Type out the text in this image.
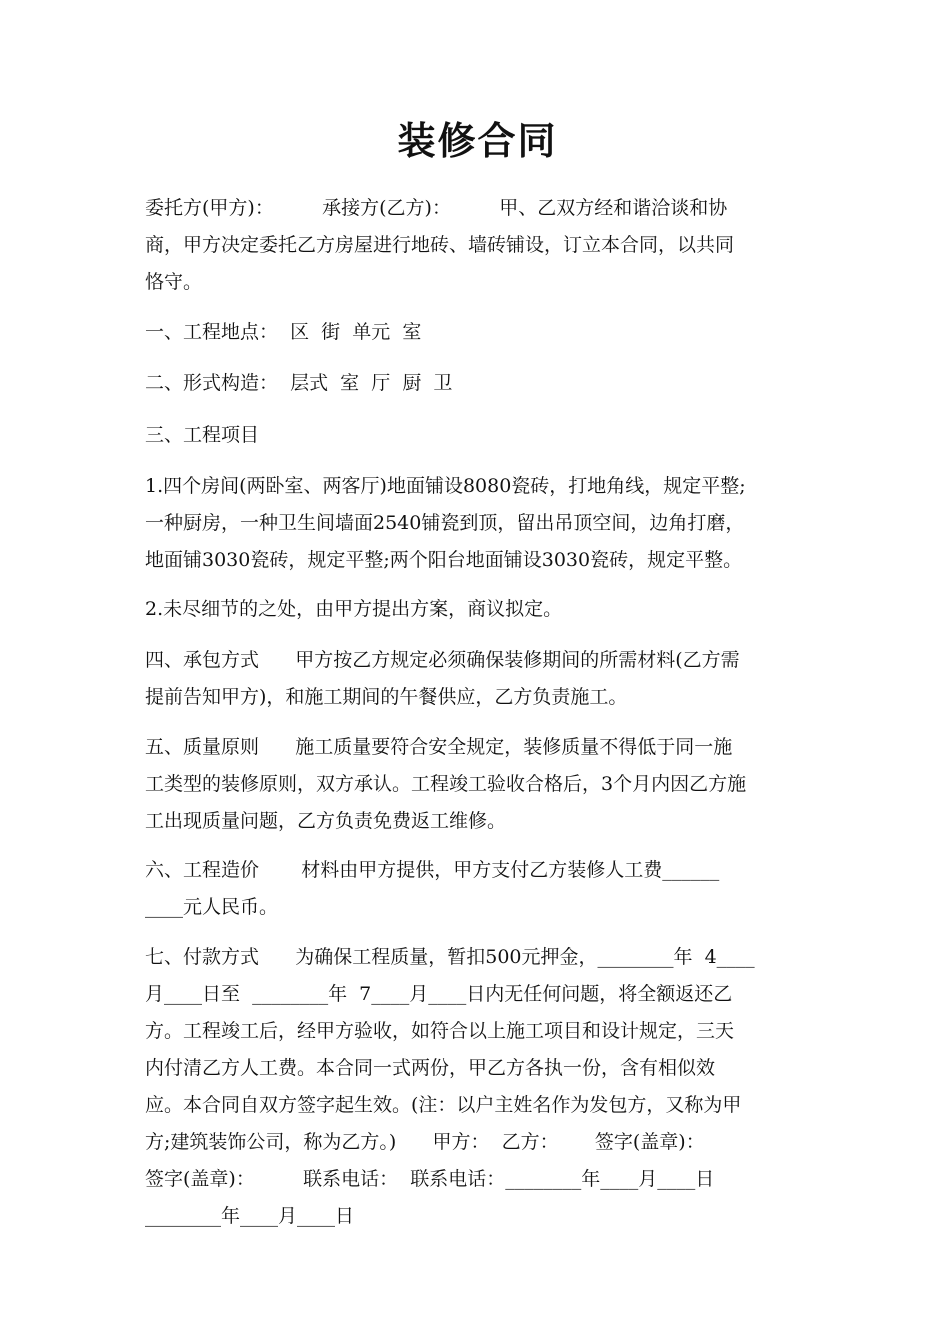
装修合同
委托方(甲方)：        承接方(乙方)：        甲、乙双方经和谐洽谈和协
商，甲方决定委托乙方房屋进行地砖、墙砖铺设，订立本合同，以共同
恪守。
一、工程地点：  区  街  单元  室
二、形式构造：  层式  室  厅  厨  卫
三、工程项目
1.四个房间(两卧室、两客厅)地面铺设8080瓷砖，打地角线，规定平整;
一种厨房，一种卫生间墙面2540铺瓷到顶，留出吊顶空间，边角打磨，
地面铺3030瓷砖，规定平整;两个阳台地面铺设3030瓷砖，规定平整。
2.未尽细节的之处，由甲方提出方案，商议拟定。
四、承包方式      甲方按乙方规定必须确保装修期间的所需材料(乙方需
提前告知甲方)，和施工期间的午餐供应，乙方负责施工。
五、质量原则      施工质量要符合安全规定，装修质量不得低于同一施
工类型的装修原则，双方承认。工程竣工验收合格后，3个月内因乙方施
工出现质量问题，乙方负责免费返工维修。
六、工程造价       材料由甲方提供，甲方支付乙方装修人工费______
____元人民币。
七、付款方式      为确保工程质量，暂扣500元押金，________年  4____
月____日至  ________年  7____月____日内无任何问题，将全额返还乙
方。工程竣工后，经甲方验收，如符合以上施工项目和设计规定，三天
内付清乙方人工费。本合同一式两份，甲乙方各执一份，含有相似效
应。本合同自双方签字起生效。(注：以户主姓名作为发包方，又称为甲
方;建筑装饰公司，称为乙方。)      甲方：  乙方：      签字(盖章)：
签字(盖章)：        联系电话：  联系电话：________年____月____日
________年____月____日
